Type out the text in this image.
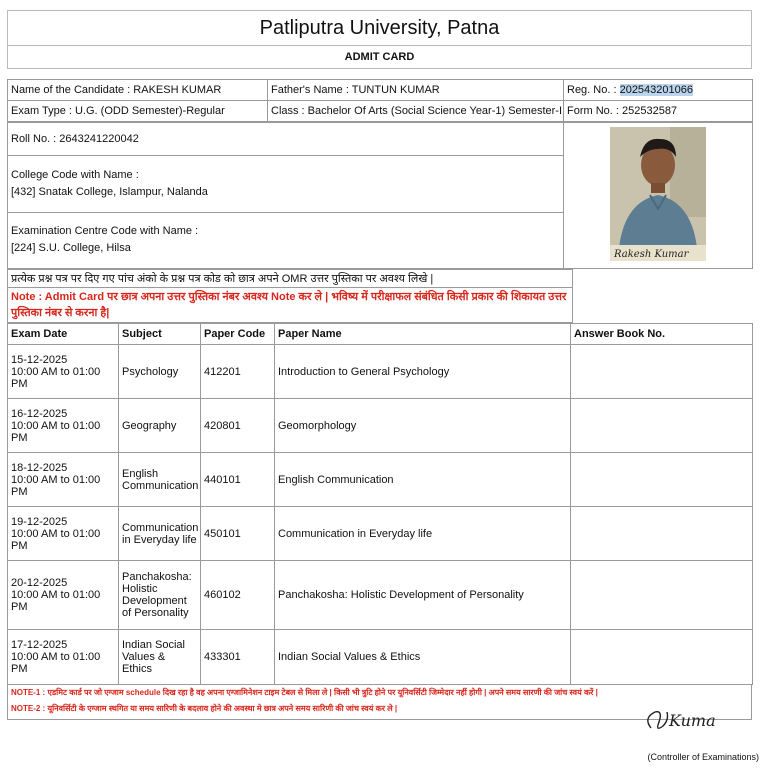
Patliputra University, Patna
ADMIT CARD
Name of the Candidate : RAKESH KUMAR	Father's Name : TUNTUN KUMAR	Reg. No. : 202543201066
Exam Type : U.G. (ODD Semester)-Regular	Class : Bachelor Of Arts (Social Science Year-1) Semester-I	Form No. : 252532587
Roll No. : 2643241220042	
Rakesh Kumar

College Code with Name :
[432] Snatak College, Islampur, Nalanda

Examination Centre Code with Name :
[224] S.U. College, Hilsa
प्रत्येक प्रश्न पत्र पर दिए गए पांच अंको के प्रश्न पत्र कोड को छात्र अपने OMR उत्तर पुस्तिका पर अवश्य लिखे |	
Note : Admit Card पर छात्र अपना उत्तर पुस्तिका नंबर अवश्य Note कर ले | भविष्य में परीक्षाफल संबंधित किसी प्रकार की शिकायत उत्तर पुस्तिका नंबर से करना है|	
Exam Date	Subject	Paper Code	Paper Name	Answer Book No.

15-12-2025
10:00 AM to 01:00 PM	Psychology	412201	Introduction to General Psychology	

16-12-2025
10:00 AM to 01:00 PM	Geography	420801	Geomorphology	

18-12-2025
10:00 AM to 01:00 PM	English Communication	440101	English Communication	

19-12-2025
10:00 AM to 01:00 PM	Communication in Everyday life	450101	Communication in Everyday life	

20-12-2025
10:00 AM to 01:00 PM	Panchakosha: Holistic Development of Personality	460102	Panchakosha: Holistic Development of Personality	

17-12-2025
10:00 AM to 01:00 PM	Indian Social Values & Ethics	433301	Indian Social Values & Ethics	
NOTE-1 : एडमिट कार्ड पर जो एग्जाम schedule दिख रहा है वह अपना एग्जामिनेशन टाइम टेबल से मिला ले | किसी भी त्रुटि होने पर यूनिवर्सिटी जिम्मेदार नहीं होगी | अपने समय सारणी की जांच स्वयं करें |
NOTE-2 : यूनिवर्सिटी के एग्जाम स्थगित या समय सारिणी के बदलाव होने की अवस्था मे छात्र अपने समय सारिणी की जांच स्वयं कर ले |
Kuma
(Controller of Examinations)
